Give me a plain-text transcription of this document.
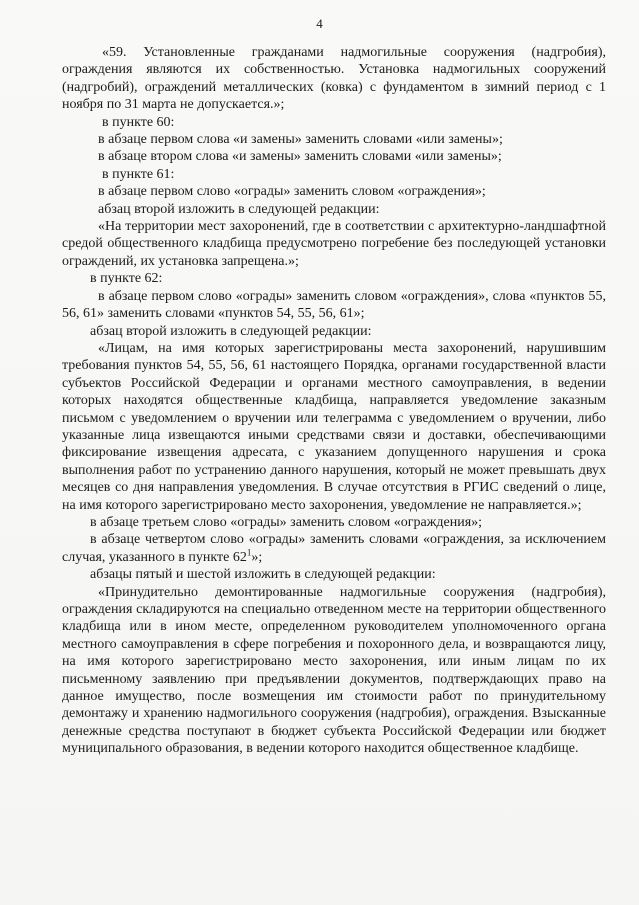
4

«59. Установленные гражданами надмогильные сооружения (надгробия), ограждения являются их собственностью. Установка надмогильных сооружений (надгробий), ограждений металлических (ковка) с фундаментом в зимний период с 1 ноября по 31 марта не допускается.»;

в пункте 60:

в абзаце первом слова «и замены» заменить словами «или замены»;

в абзаце втором слова «и замены» заменить словами «или замены»;

в пункте 61:

в абзаце первом слово «ограды» заменить словом «ограждения»;

абзац второй изложить в следующей редакции:

«На территории мест захоронений, где в соответствии с архитектурно-ландшафтной средой общественного кладбища предусмотрено погребение без последующей установки ограждений, их установка запрещена.»;

в пункте 62:

в абзаце первом слово «ограды» заменить словом «ограждения», слова «пунктов 55, 56, 61» заменить словами «пунктов 54, 55, 56, 61»;

абзац второй изложить в следующей редакции:

«Лицам, на имя которых зарегистрированы места захоронений, нарушившим требования пунктов 54, 55, 56, 61 настоящего Порядка, органами государственной власти субъектов Российской Федерации и органами местного самоуправления, в ведении которых находятся общественные кладбища, направляется уведомление заказным письмом с уведомлением о вручении или телеграмма с уведомлением о вручении, либо указанные лица извещаются иными средствами связи и доставки, обеспечивающими фиксирование извещения адресата, с указанием допущенного нарушения и срока выполнения работ по устранению данного нарушения, который не может превышать двух месяцев со дня направления уведомления. В случае отсутствия в РГИС сведений о лице, на имя которого зарегистрировано место захоронения, уведомление не направляется.»;

в абзаце третьем слово «ограды» заменить словом «ограждения»;

в абзаце четвертом слово «ограды» заменить словами «ограждения, за исключением случая, указанного в пункте $62^1$»;

абзацы пятый и шестой изложить в следующей редакции:

«Принудительно демонтированные надмогильные сооружения (надгробия), ограждения складируются на специально отведенном месте на территории общественного кладбища или в ином месте, определенном руководителем уполномоченного органа местного самоуправления в сфере погребения и похоронного дела, и возвращаются лицу, на имя которого зарегистрировано место захоронения, или иным лицам по их письменному заявлению при предъявлении документов, подтверждающих право на данное имущество, после возмещения им стоимости работ по принудительному демонтажу и хранению надмогильного сооружения (надгробия), ограждения. Взысканные денежные средства поступают в бюджет субъекта Российской Федерации или бюджет муниципального образования, в ведении которого находится общественное кладбище.
